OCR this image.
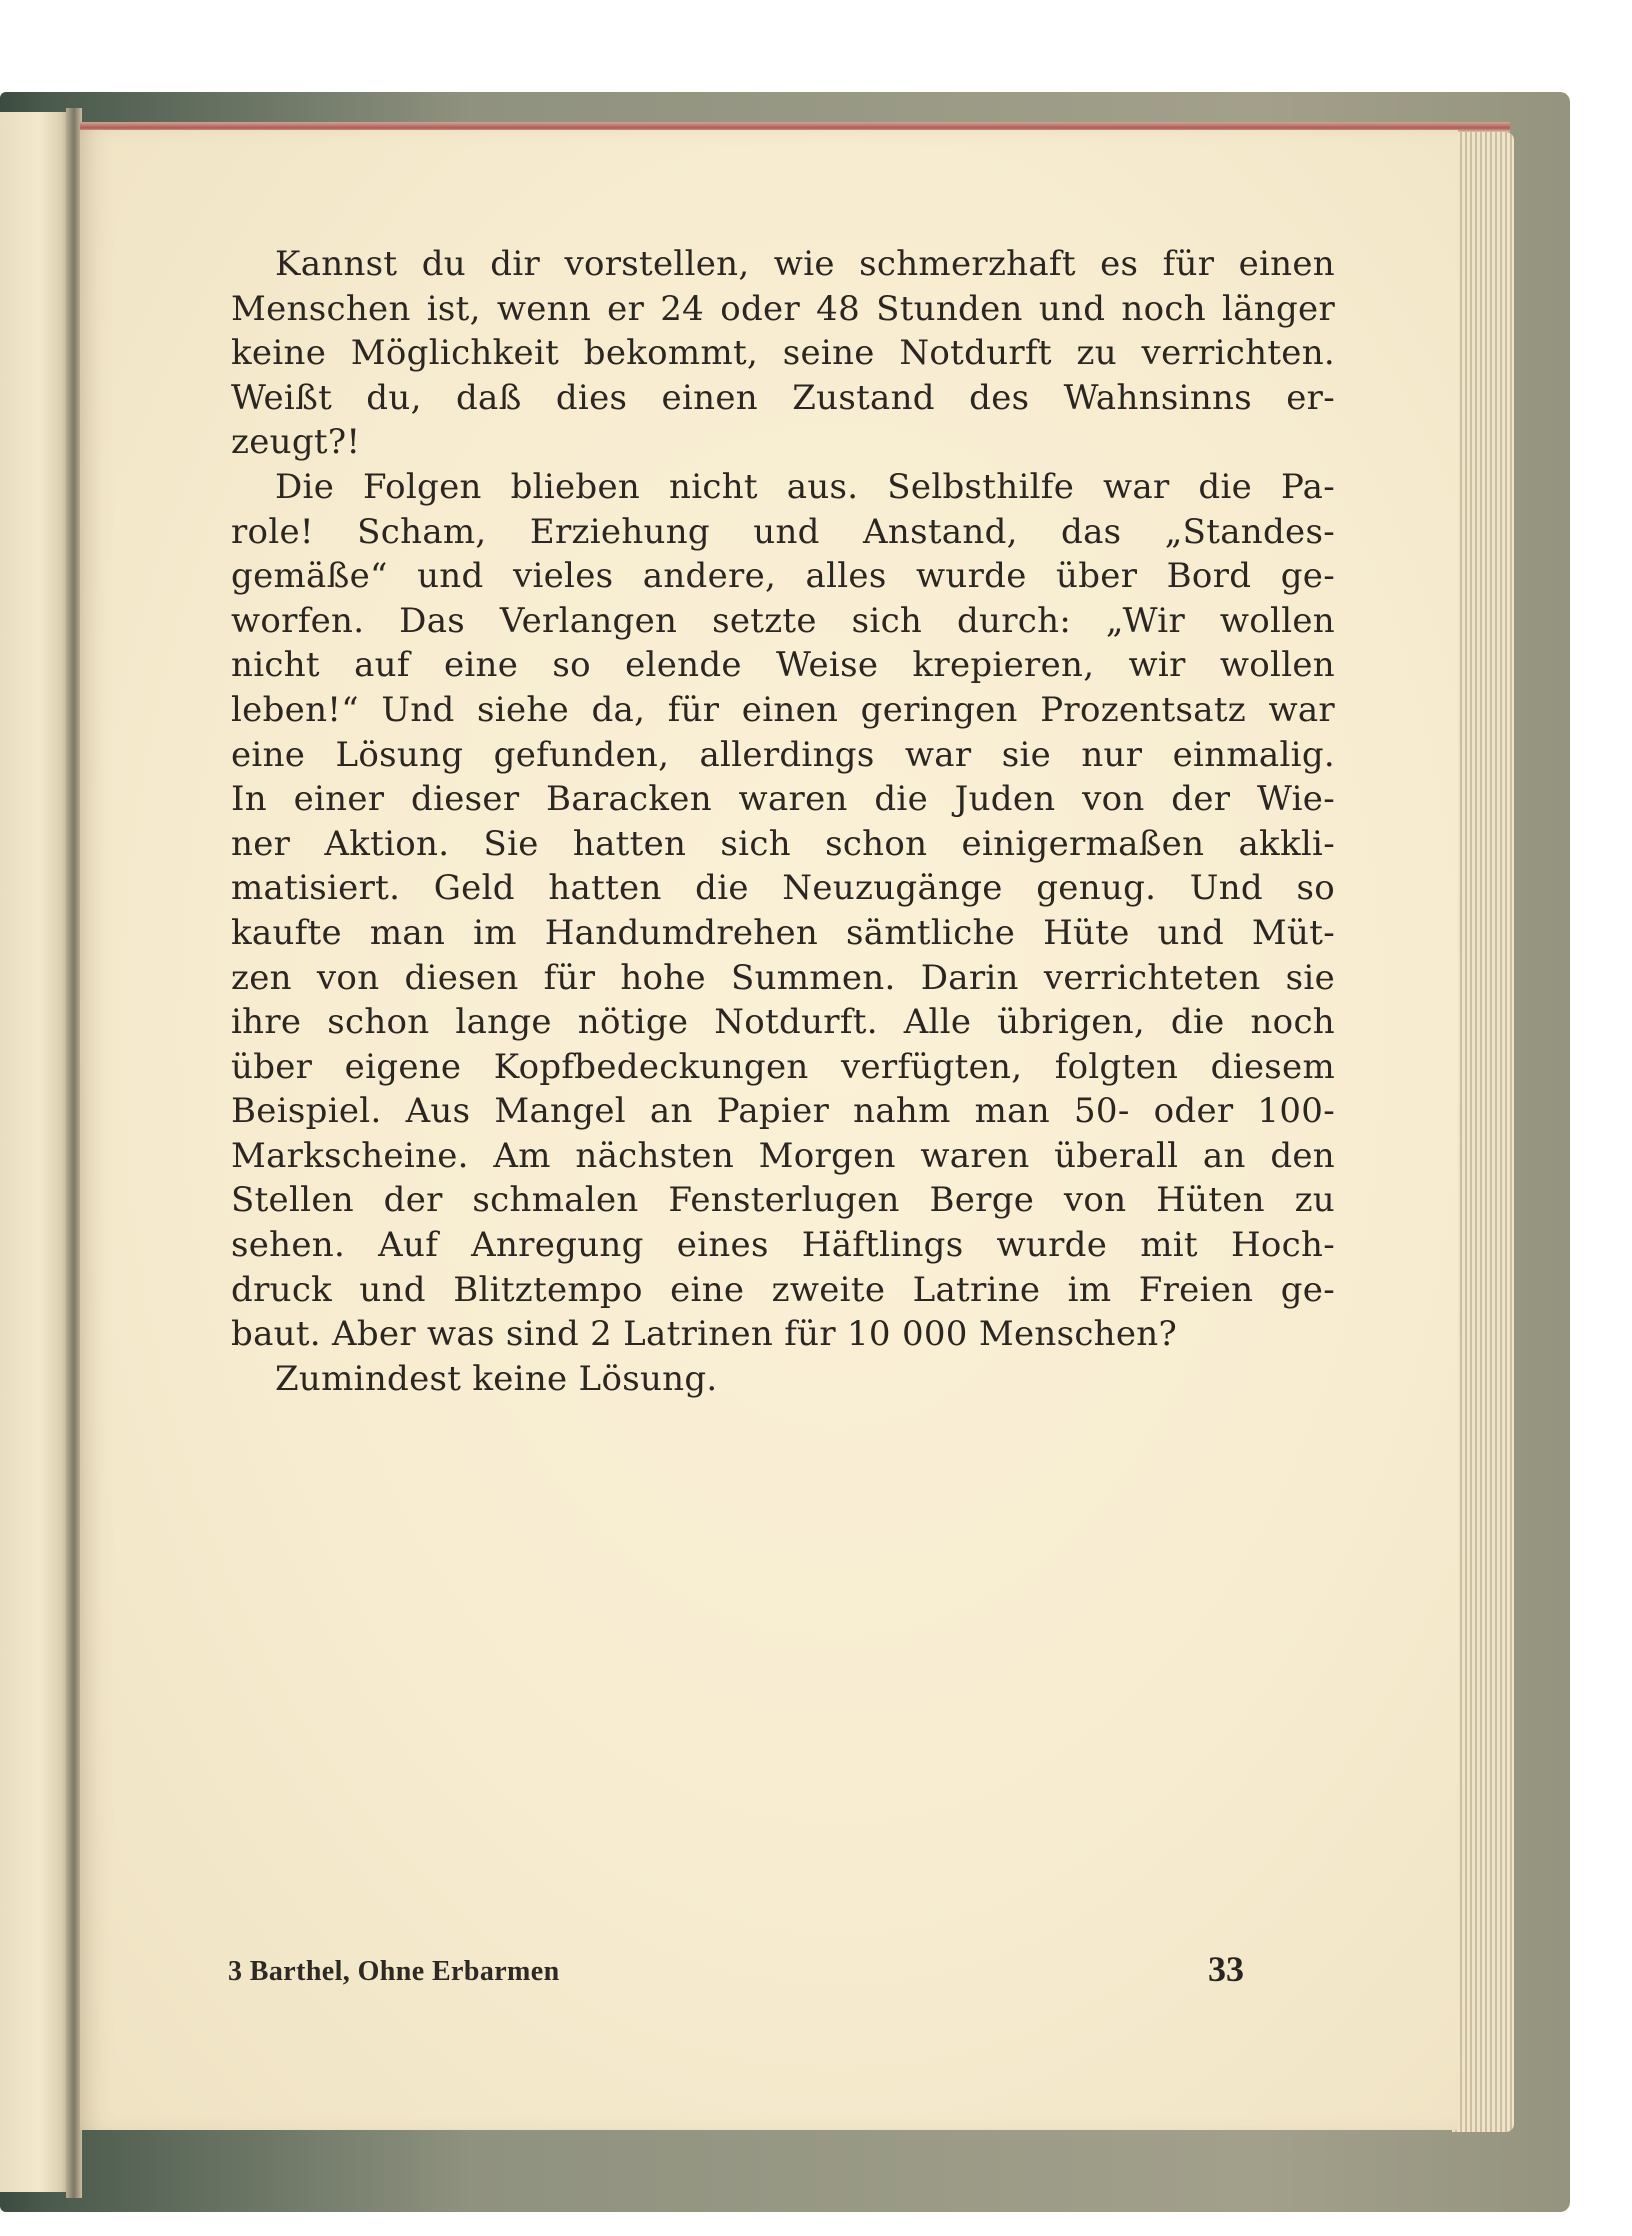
Kannst du dir vorstellen, wie schmerzhaft es für einen
Menschen ist, wenn er 24 oder 48 Stunden und noch länger
keine Möglichkeit bekommt, seine Notdurft zu verrichten.
Weißt du, daß dies einen Zustand des Wahnsinns er-
zeugt?!
Die Folgen blieben nicht aus. Selbsthilfe war die Pa-
role! Scham, Erziehung und Anstand, das „Standes-
gemäße“ und vieles andere, alles wurde über Bord ge-
worfen. Das Verlangen setzte sich durch: „Wir wollen
nicht auf eine so elende Weise krepieren, wir wollen
leben!“ Und siehe da, für einen geringen Prozentsatz war
eine Lösung gefunden, allerdings war sie nur einmalig.
In einer dieser Baracken waren die Juden von der Wie-
ner Aktion. Sie hatten sich schon einigermaßen akkli-
matisiert. Geld hatten die Neuzugänge genug. Und so
kaufte man im Handumdrehen sämtliche Hüte und Müt-
zen von diesen für hohe Summen. Darin verrichteten sie
ihre schon lange nötige Notdurft. Alle übrigen, die noch
über eigene Kopfbedeckungen verfügten, folgten diesem
Beispiel. Aus Mangel an Papier nahm man 50- oder 100-
Markscheine. Am nächsten Morgen waren überall an den
Stellen der schmalen Fensterlugen Berge von Hüten zu
sehen. Auf Anregung eines Häftlings wurde mit Hoch-
druck und Blitztempo eine zweite Latrine im Freien ge-
baut. Aber was sind 2 Latrinen für 10 000 Menschen?
Zumindest keine Lösung.
3 Barthel, Ohne Erbarmen	33
